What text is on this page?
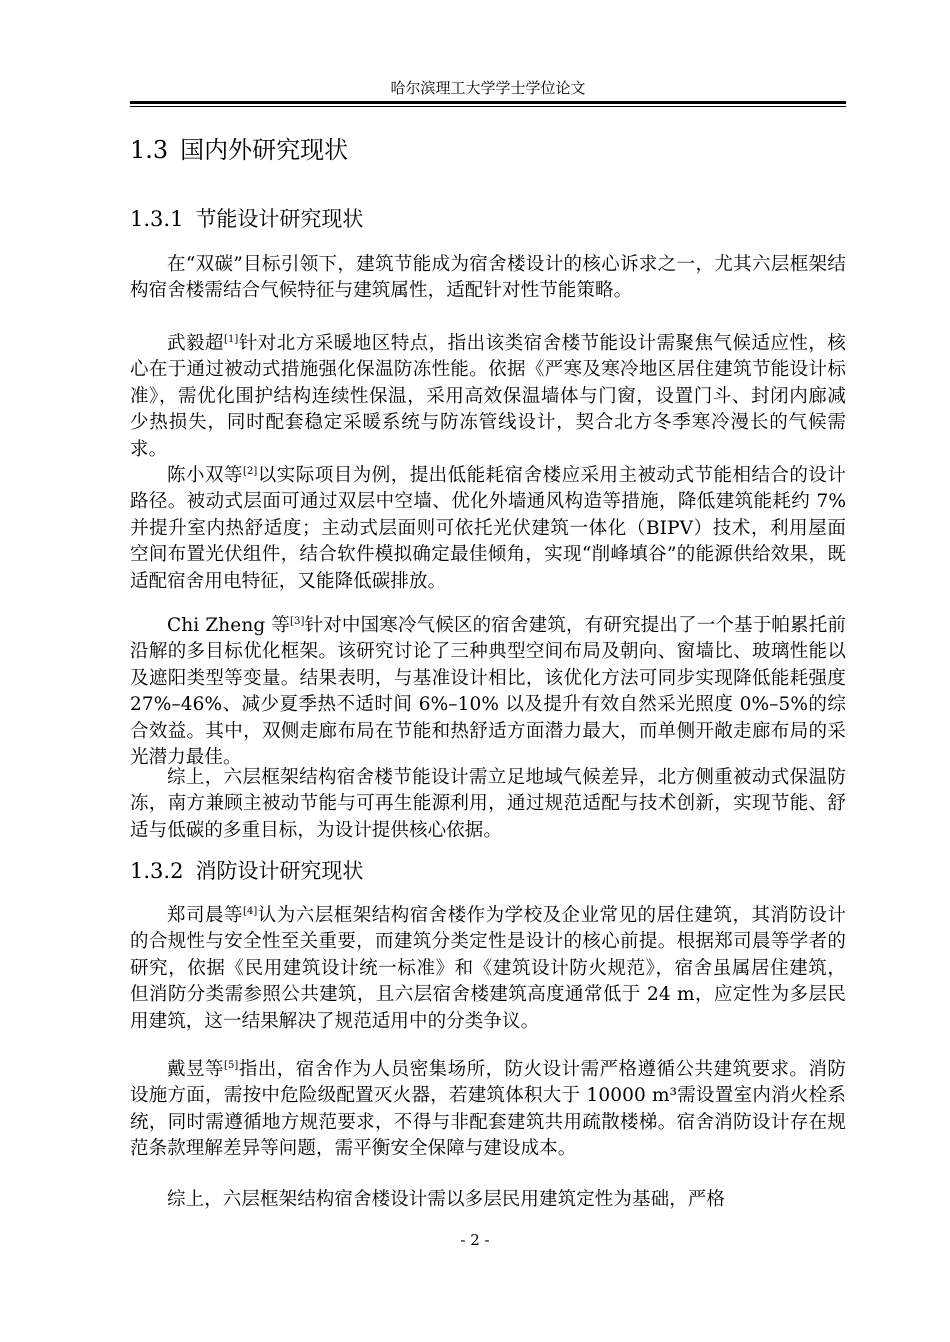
哈尔滨理工大学学士学位论文
1.3 国内外研究现状
1.3.1 节能设计研究现状

在“双碳”目标引领下，建筑节能成为宿舍楼设计的核心诉求之一，尤其六层框架结构宿舍楼需结合气候特征与建筑属性，适配针对性节能策略。

武毅超[1]针对北方采暖地区特点，指出该类宿舍楼节能设计需聚焦气候适应性，核心在于通过被动式措施强化保温防冻性能。依据《严寒及寒冷地区居住建筑节能设计标准》，需优化围护结构连续性保温，采用高效保温墙体与门窗，设置门斗、封闭内廊减少热损失，同时配套稳定采暖系统与防冻管线设计，契合北方冬季寒冷漫长的气候需求。

陈小双等[2]以实际项目为例，提出低能耗宿舍楼应采用主被动式节能相结合的设计路径。被动式层面可通过双层中空墙、优化外墙通风构造等措施，降低建筑能耗约 7%并提升室内热舒适度；主动式层面则可依托光伏建筑一体化（BIPV）技术，利用屋面空间布置光伏组件，结合软件模拟确定最佳倾角，实现“削峰填谷”的能源供给效果，既适配宿舍用电特征，又能降低碳排放。

Chi Zheng 等[3]针对中国寒冷气候区的宿舍建筑，有研究提出了一个基于帕累托前沿解的多目标优化框架。该研究讨论了三种典型空间布局及朝向、窗墙比、玻璃性能以及遮阳类型等变量。结果表明，与基准设计相比，该优化方法可同步实现降低能耗强度 27%–46%、减少夏季热不适时间 6%–10% 以及提升有效自然采光照度 0%–5%的综合效益。其中，双侧走廊布局在节能和热舒适方面潜力最大，而单侧开敞走廊布局的采光潜力最佳。

综上，六层框架结构宿舍楼节能设计需立足地域气候差异，北方侧重被动式保温防冻，南方兼顾主被动节能与可再生能源利用，通过规范适配与技术创新，实现节能、舒适与低碳的多重目标，为设计提供核心依据。

1.3.2 消防设计研究现状

郑司晨等[4]认为六层框架结构宿舍楼作为学校及企业常见的居住建筑，其消防设计的合规性与安全性至关重要，而建筑分类定性是设计的核心前提。根据郑司晨等学者的研究，依据《民用建筑设计统一标准》和《建筑设计防火规范》，宿舍虽属居住建筑，但消防分类需参照公共建筑，且六层宿舍楼建筑高度通常低于 24 m，应定性为多层民用建筑，这一结果解决了规范适用中的分类争议。

戴昱等[5]指出，宿舍作为人员密集场所，防火设计需严格遵循公共建筑要求。消防设施方面，需按中危险级配置灭火器，若建筑体积大于 10000 m³需设置室内消火栓系统，同时需遵循地方规范要求，不得与非配套建筑共用疏散楼梯。宿舍消防设计存在规范条款理解差异等问题，需平衡安全保障与建设成本。

综上，六层框架结构宿舍楼设计需以多层民用建筑定性为基础，严格

- 2 -
